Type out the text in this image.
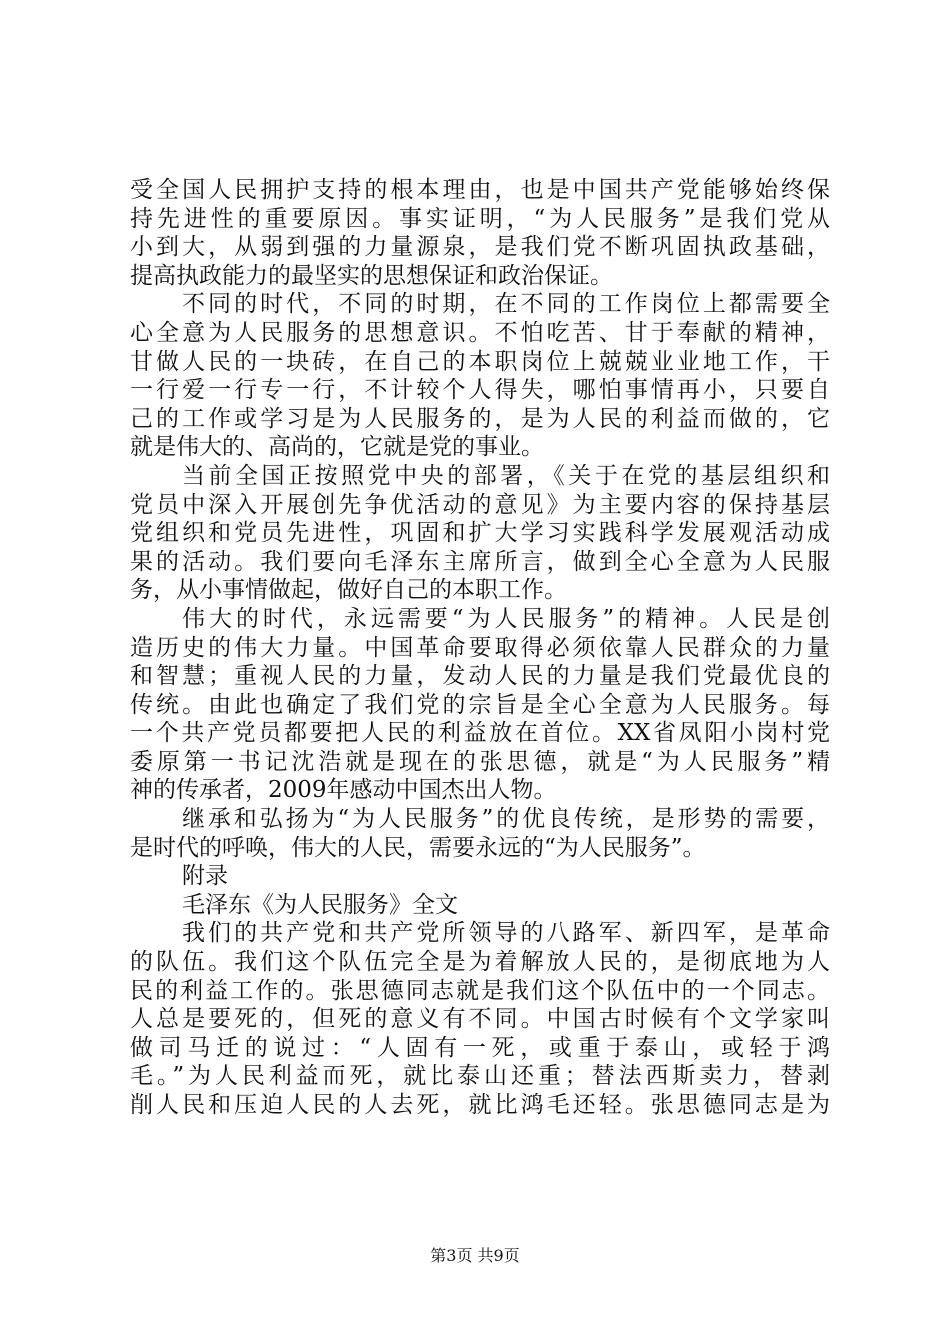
受全国人民拥护支持的根本理由，也是中国共产党能够始终保
持先进性的重要原因。事实证明，“为人民服务”是我们党从
小到大，从弱到强的力量源泉，是我们党不断巩固执政基础，
提高执政能力的最坚实的思想保证和政治保证。
不同的时代，不同的时期，在不同的工作岗位上都需要全
心全意为人民服务的思想意识。不怕吃苦、甘于奉献的精神，
甘做人民的一块砖，在自己的本职岗位上兢兢业业地工作，干
一行爱一行专一行，不计较个人得失，哪怕事情再小，只要自
己的工作或学习是为人民服务的，是为人民的利益而做的，它
就是伟大的、高尚的，它就是党的事业。
当前全国正按照党中央的部署，《关于在党的基层组织和
党员中深入开展创先争优活动的意见》为主要内容的保持基层
党组织和党员先进性，巩固和扩大学习实践科学发展观活动成
果的活动。我们要向毛泽东主席所言，做到全心全意为人民服
务，从小事情做起，做好自己的本职工作。
伟大的时代，永远需要“为人民服务”的精神。人民是创
造历史的伟大力量。中国革命要取得必须依靠人民群众的力量
和智慧；重视人民的力量，发动人民的力量是我们党最优良的
传统。由此也确定了我们党的宗旨是全心全意为人民服务。每
一个共产党员都要把人民的利益放在首位。XX省凤阳小岗村党
委原第一书记沈浩就是现在的张思德，就是“为人民服务”精
神的传承者，2009年感动中国杰出人物。
继承和弘扬为“为人民服务”的优良传统，是形势的需要，
是时代的呼唤，伟大的人民，需要永远的“为人民服务”。
附录
毛泽东《为人民服务》全文
我们的共产党和共产党所领导的八路军、新四军，是革命
的队伍。我们这个队伍完全是为着解放人民的，是彻底地为人
民的利益工作的。张思德同志就是我们这个队伍中的一个同志。
人总是要死的，但死的意义有不同。中国古时候有个文学家叫
做司马迁的说过：“人固有一死，或重于泰山，或轻于鸿
毛。”为人民利益而死，就比泰山还重；替法西斯卖力，替剥
削人民和压迫人民的人去死，就比鸿毛还轻。张思德同志是为
第3页 共9页
